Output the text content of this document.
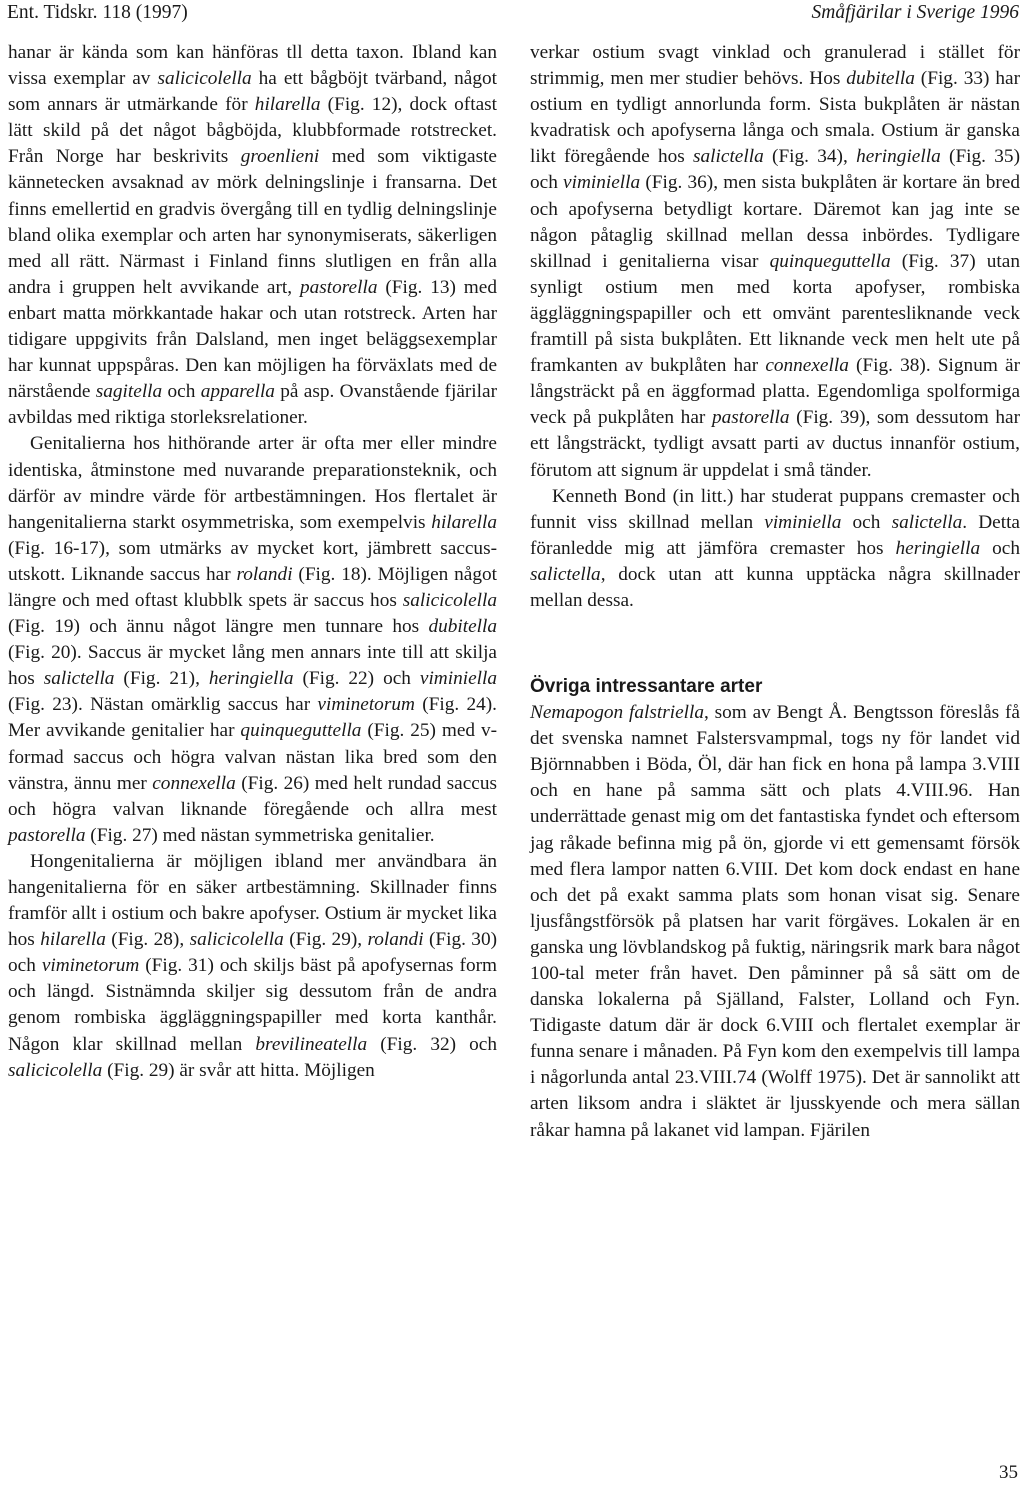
Ent. Tidskr. 118 (1997)	Småfjärilar i Sverige 1996

hanar är kända som kan hänföras tll detta taxon. Ibland kan vissa exemplar av salicicolella ha ett bågböjt tvärband, något som annars är utmärkande för hilarella (Fig. 12), dock oftast lätt skild på det något bågböjda, klubbformade rotstrecket. Från Norge har beskrivits groenlieni med som viktigaste kännetecken avsaknad av mörk delningslinje i fransarna. Det finns emellertid en gradvis övergång till en tydlig delningslinje bland olika exemplar och arten har synonymiserats, säkerligen med all rätt. Närmast i Finland finns slutligen en från alla andra i gruppen helt avvikande art, pastorella (Fig. 13) med enbart matta mörkkantade hakar och utan rotstreck. Arten har tidigare uppgivits från Dalsland, men inget beläggsexemplar har kunnat uppspåras. Den kan möjligen ha förväxlats med de närstående sagitella och apparella på asp. Ovanstående fjärilar avbildas med riktiga storleksrelationer.

Genitalierna hos hithörande arter är ofta mer eller mindre identiska, åtminstone med nuvarande preparationsteknik, och därför av mindre värde för artbestämningen. Hos flertalet är hangenitalierna starkt osymmetriska, som exempelvis hilarella (Fig. 16-17), som utmärks av mycket kort, jämbrett saccus-utskott. Liknande saccus har rolandi (Fig. 18). Möjligen något längre och med oftast klubblk spets är saccus hos salicicolella (Fig. 19) och ännu något längre men tunnare hos dubitella (Fig. 20). Saccus är mycket lång men annars inte till att skilja hos salictella (Fig. 21), heringiella (Fig. 22) och viminiella (Fig. 23). Nästan omärklig saccus har viminetorum (Fig. 24). Mer avvikande genitalier har quinqueguttella (Fig. 25) med v-formad saccus och högra valvan nästan lika bred som den vänstra, ännu mer connexella (Fig. 26) med helt rundad saccus och högra valvan liknande föregående och allra mest pastorella (Fig. 27) med nästan symmetriska genitalier.

Hongenitalierna är möjligen ibland mer användbara än hangenitalierna för en säker artbestämning. Skillnader finns framför allt i ostium och bakre apofyser. Ostium är mycket lika hos hilarella (Fig. 28), salicicolella (Fig. 29), rolandi (Fig. 30) och viminetorum (Fig. 31) och skiljs bäst på apofysernas form och längd. Sistnämnda skiljer sig dessutom från de andra genom rombiska äggläggningspapiller med korta kanthår. Någon klar skillnad mellan brevilineatella (Fig. 32) och salicicolella (Fig. 29) är svår att hitta. Möjligen

verkar ostium svagt vinklad och granulerad i stället för strimmig, men mer studier behövs. Hos dubitella (Fig. 33) har ostium en tydligt annorlunda form. Sista bukplåten är nästan kvadratisk och apofyserna långa och smala. Ostium är ganska likt föregående hos salictella (Fig. 34), heringiella (Fig. 35) och viminiella (Fig. 36), men sista bukplåten är kortare än bred och apofyserna betydligt kortare. Däremot kan jag inte se någon påtaglig skillnad mellan dessa inbördes. Tydligare skillnad i genitalierna visar quinqueguttella (Fig. 37) utan synligt ostium men med korta apofyser, rombiska äggläggningspapiller och ett omvänt parentesliknande veck framtill på sista bukplåten. Ett liknande veck men helt ute på framkanten av bukplåten har connexella (Fig. 38). Signum är långsträckt på en äggformad platta. Egendomliga spolformiga veck på pukplåten har pastorella (Fig. 39), som dessutom har ett långsträckt, tydligt avsatt parti av ductus innanför ostium, förutom att signum är uppdelat i små tänder.

Kenneth Bond (in litt.) har studerat puppans cremaster och funnit viss skillnad mellan viminiella och salictella. Detta föranledde mig att jämföra cremaster hos heringiella och salictella, dock utan att kunna upptäcka några skillnader mellan dessa.

Övriga intressantare arter

Nemapogon falstriella, som av Bengt Å. Bengtsson föreslås få det svenska namnet Falstersvampmal, togs ny för landet vid Björnnabben i Böda, Öl, där han fick en hona på lampa 3.VIII och en hane på samma sätt och plats 4.VIII.96. Han underrättade genast mig om det fantastiska fyndet och eftersom jag råkade befinna mig på ön, gjorde vi ett gemensamt försök med flera lampor natten 6.VIII. Det kom dock endast en hane och det på exakt samma plats som honan visat sig. Senare ljusfångstförsök på platsen har varit förgäves. Lokalen är en ganska ung lövblandskog på fuktig, näringsrik mark bara något 100-tal meter från havet. Den påminner på så sätt om de danska lokalerna på Själland, Falster, Lolland och Fyn. Tidigaste datum där är dock 6.VIII och flertalet exemplar är funna senare i månaden. På Fyn kom den exempelvis till lampa i någorlunda antal 23.VIII.74 (Wolff 1975). Det är sannolikt att arten liksom andra i släktet är ljusskyende och mera sällan råkar hamna på lakanet vid lampan. Fjärilen

35
